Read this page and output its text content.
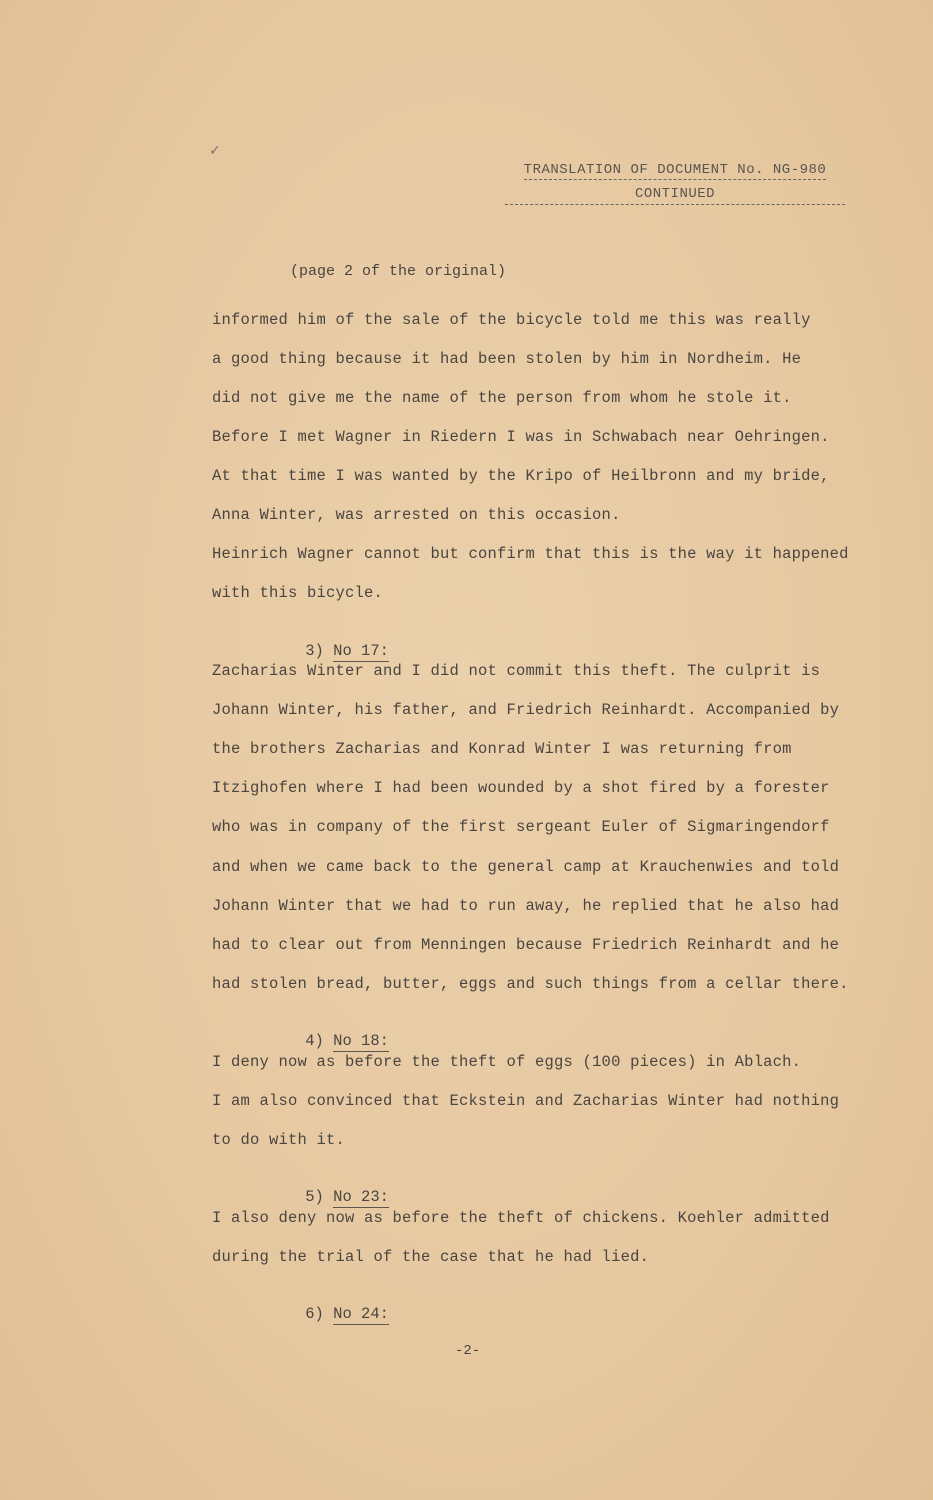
✓
TRANSLATION OF DOCUMENT No. NG-980
CONTINUED
(page 2 of the original)
informed him of the sale of the bicycle told me this was really
a good thing because it had been stolen by him in Nordheim. He
did not give me the name of the person from whom he stole it.
Before I met Wagner in Riedern I was in Schwabach near Oehringen.
At that time I was wanted by the Kripo of Heilbronn and my bride,
Anna Winter, was arrested on this occasion.
Heinrich Wagner cannot but confirm that this is the way it happened
with this bicycle.

3) No 17:

Zacharias Winter and I did not commit this theft. The culprit is
Johann Winter, his father, and Friedrich Reinhardt. Accompanied by
the brothers Zacharias and Konrad Winter I was returning from
Itzighofen where I had been wounded by a shot fired by a forester
who was in company of the first sergeant Euler of Sigmaringendorf
and when we came back to the general camp at Krauchenwies and told
Johann Winter that we had to run away, he replied that he also had
had to clear out from Menningen because Friedrich Reinhardt and he
had stolen bread, butter, eggs and such things from a cellar there.

4) No 18:

I deny now as before the theft of eggs (100 pieces) in Ablach.
I am also convinced that Eckstein and Zacharias Winter had nothing
to do with it.

5) No 23:

I also deny now as before the theft of chickens. Koehler admitted
during the trial of the case that he had lied.

6) No 24:

-2-
